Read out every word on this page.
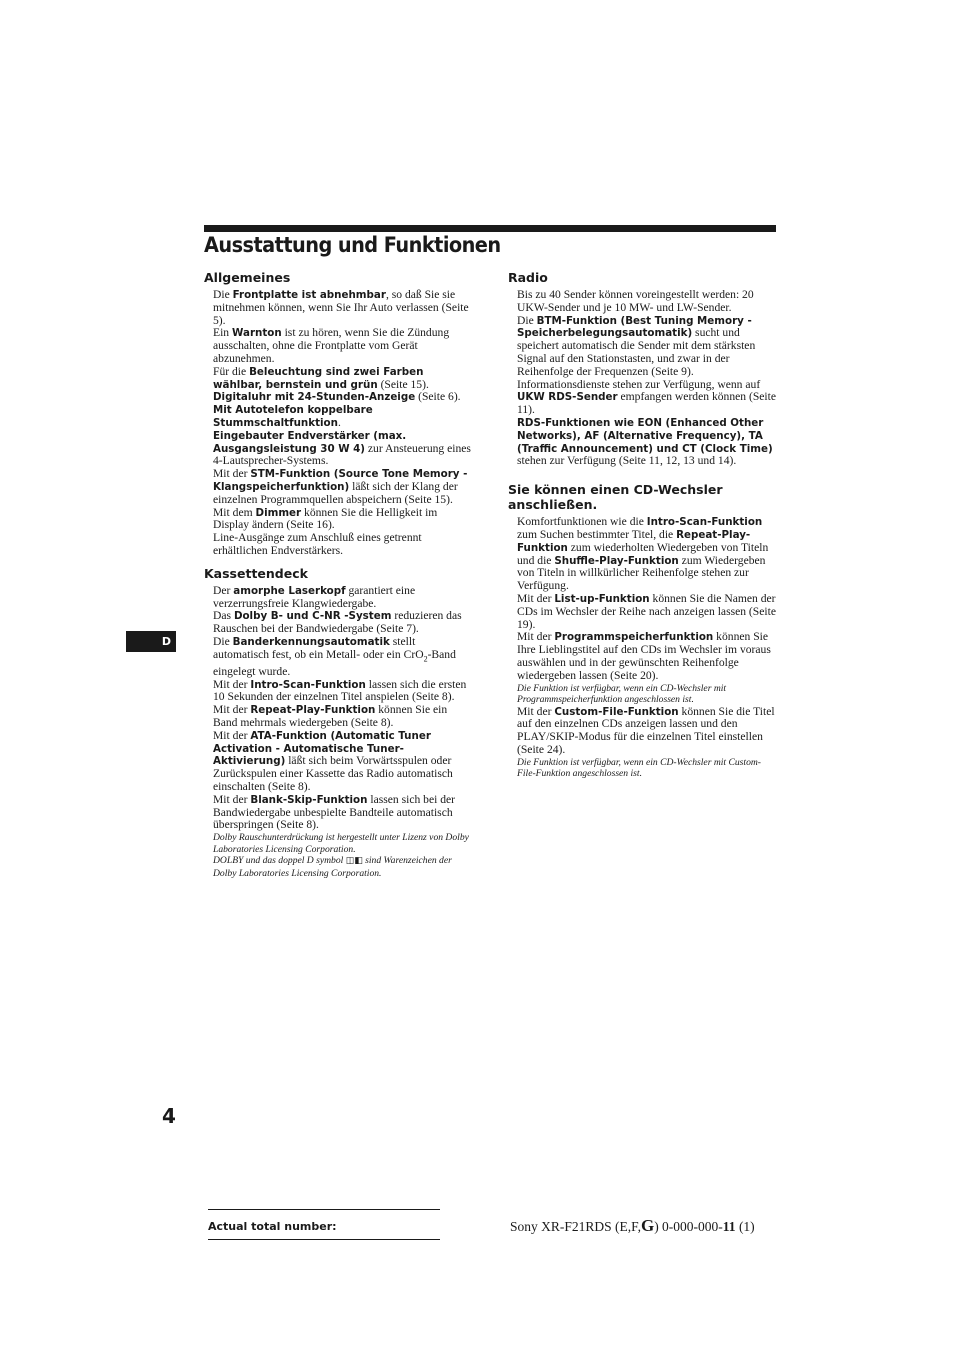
Ausstattung und Funktionen
Allgemeines

Die Frontplatte ist abnehmbar, so daß Sie sie mitnehmen können, wenn Sie Ihr Auto verlassen (Seite 5).

Ein Warnton ist zu hören, wenn Sie die Zündung ausschalten, ohne die Frontplatte vom Gerät abzunehmen.

Für die Beleuchtung sind zwei Farben wählbar, bernstein und grün (Seite 15).

Digitaluhr mit 24-Stunden-Anzeige (Seite 6).

Mit Autotelefon koppelbare Stummschaltfunktion.

Eingebauter Endverstärker (max. Ausgangsleistung 30 W 4) zur Ansteuerung eines 4-Lautsprecher-Systems.

Mit der STM-Funktion (Source Tone Memory - Klangspeicherfunktion) läßt sich der Klang der einzelnen Programmquellen abspeichern (Seite 15).

Mit dem Dimmer können Sie die Helligkeit im Display ändern (Seite 16).

Line-Ausgänge zum Anschluß eines getrennt erhältlichen Endverstärkers.

Kassettendeck

Der amorphe Laserkopf garantiert eine verzerrungsfreie Klangwiedergabe.

Das Dolby B- und C-NR -System reduzieren das Rauschen bei der Bandwiedergabe (Seite 7).

Die Banderkennungsautomatik stellt automatisch fest, ob ein Metall- oder ein CrO$_2$-Band eingelegt wurde.

Mit der Intro-Scan-Funktion lassen sich die ersten 10 Sekunden der einzelnen Titel anspielen (Seite 8).

Mit der Repeat-Play-Funktion können Sie ein Band mehrmals wiedergeben (Seite 8).

Mit der ATA-Funktion (Automatic Tuner Activation - Automatische Tuner-Aktivierung) läßt sich beim Vorwärtsspulen oder Zurückspulen einer Kassette das Radio automatisch einschalten (Seite 8).

Mit der Blank-Skip-Funktion lassen sich bei der Bandwiedergabe unbespielte Bandteile automatisch überspringen (Seite 8).

Dolby Rauschunterdrückung ist hergestellt unter Lizenz von Dolby Laboratories Licensing Corporation.

DOLBY und das doppel D symbol ◫◧ sind Warenzeichen der Dolby Laboratories Licensing Corporation.

Radio

Bis zu 40 Sender können voreingestellt werden: 20 UKW-Sender und je 10 MW- und LW-Sender.

Die BTM-Funktion (Best Tuning Memory - Speicherbelegungsautomatik) sucht und speichert automatisch die Sender mit dem stärksten Signal auf den Stationstasten, und zwar in der Reihenfolge der Frequenzen (Seite 9).

Informationsdienste stehen zur Verfügung, wenn auf UKW RDS-Sender empfangen werden können (Seite 11).

RDS-Funktionen wie EON (Enhanced Other Networks), AF (Alternative Frequency), TA (Traffic Announcement) und CT (Clock Time) stehen zur Verfügung (Seite 11, 12, 13 und 14).

Sie können einen CD-Wechsler anschließen.

Komfortfunktionen wie die Intro-Scan-Funktion zum Suchen bestimmter Titel, die Repeat-Play-Funktion zum wiederholten Wiedergeben von Titeln und die Shuffle-Play-Funktion zum Wiedergeben von Titeln in willkürlicher Reihenfolge stehen zur Verfügung.

Mit der List-up-Funktion können Sie die Namen der CDs im Wechsler der Reihe nach anzeigen lassen (Seite 19).

Mit der Programmspeicherfunktion können Sie Ihre Lieblingstitel auf den CDs im Wechsler im voraus auswählen und in der gewünschten Reihenfolge wiedergeben lassen (Seite 20).

Die Funktion ist verfügbar, wenn ein CD-Wechsler mit Programmspeicherfunktion angeschlossen ist.

Mit der Custom-File-Funktion können Sie die Titel auf den einzelnen CDs anzeigen lassen und den PLAY/SKIP-Modus für die einzelnen Titel einstellen (Seite 24).

Die Funktion ist verfügbar, wenn ein CD-Wechsler mit Custom-File-Funktion angeschlossen ist.

D
4
Actual total number:	Sony XR-F21RDS (E,F,G) 0-000-000-11 (1)
